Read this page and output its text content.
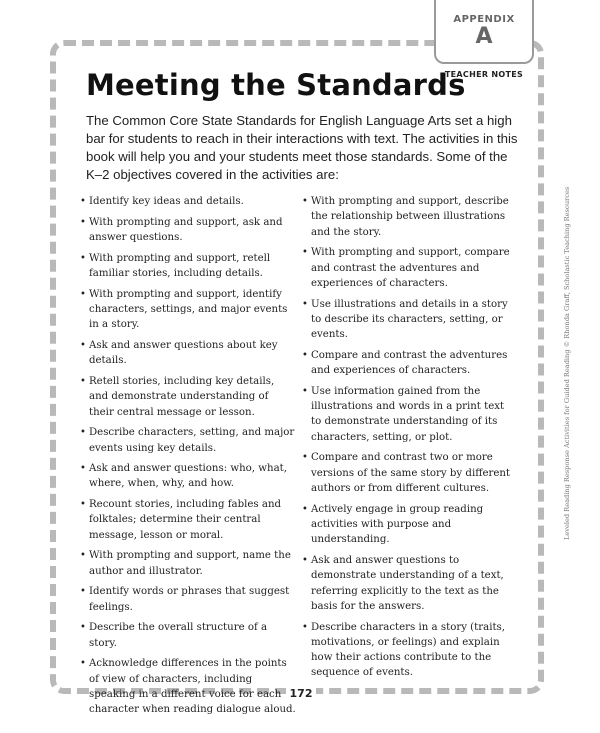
APPENDIX
A
TEACHER NOTES
Meeting the Standards

The Common Core State Standards for English Language Arts set a high bar for students to reach in their interactions with text. The activities in this book will help you and your students meet those standards. Some of the K–2 objectives covered in the activities are:

• Identify key ideas and details.
• With prompting and support, ask and answer questions.
• With prompting and support, retell familiar stories, including details.
• With prompting and support, identify characters, settings, and major events in a story.
• Ask and answer questions about key details.
• Retell stories, including key details, and demonstrate understanding of their central message or lesson.
• Describe characters, setting, and major events using key details.
• Ask and answer questions: who, what, where, when, why, and how.
• Recount stories, including fables and folktales; determine their central message, lesson or moral.
• With prompting and support, name the author and illustrator.
• Identify words or phrases that suggest feelings.
• Describe the overall structure of a story.
• Acknowledge differences in the points of view of characters, including speaking in a different voice for each character when reading dialogue aloud.
• With prompting and support, describe the relationship between illustrations and the story.
• With prompting and support, compare and contrast the adventures and experiences of characters.
• Use illustrations and details in a story to describe its characters, setting, or events.
• Compare and contrast the adventures and experiences of characters.
• Use information gained from the illustrations and words in a print text to demonstrate understanding of its characters, setting, or plot.
• Compare and contrast two or more versions of the same story by different authors or from different cultures.
• Actively engage in group reading activities with purpose and understanding.
• Ask and answer questions to demonstrate understanding of a text, referring explicitly to the text as the basis for the answers.
• Describe characters in a story (traits, motivations, or feelings) and explain how their actions contribute to the sequence of events.
Leveled Reading Response Activities for Guided Reading © Rhonda Graff, Scholastic Teaching Resources
172
